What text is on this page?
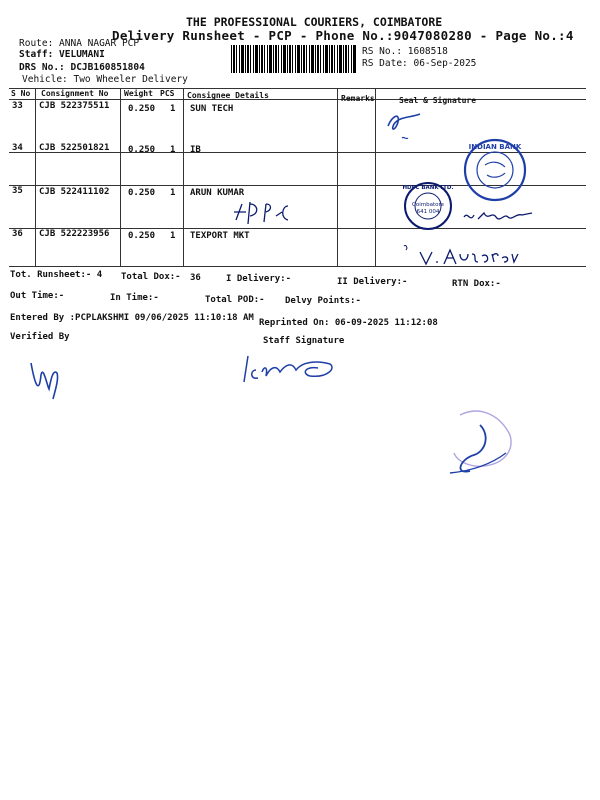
THE PROFESSIONAL COURIERS, COIMBATORE
Delivery Runsheet - PCP - Phone No.:9047080280 - Page No.:4
Route: ANNA NAGAR PCP
Staff: VELUMANI
DRS No.: DCJB160851804
Vehicle: Two Wheeler Delivery
RS No.: 1608518
RS Date: 06-Sep-2025
S No Consignment No Weight PCS Consignee Details	Remarks	Seal & Signature
33 CJB 522375511 0.250 1 SUN TECH
34 CJB 522501821 0.250 1 IB
35 CJB 522411102 0.250 1 ARUN KUMAR
36 CJB 522223956 0.250 1 TEXPORT MKT
Tot. Runsheet:- 4 Total Dox:- 36	I Delivery:-	II Delivery:-	RTN Dox:-
Out Time:-	In Time:-	Total POD:- Delvy Points:-
Entered By :PCPLAKSHMI 09/06/2025 11:10:18 AM Reprinted On: 06-09-2025 11:12:08
Verified By	Staff Signature
INDIAN BANK
HDFC BANK LTD.
Coimbatore
641 004
